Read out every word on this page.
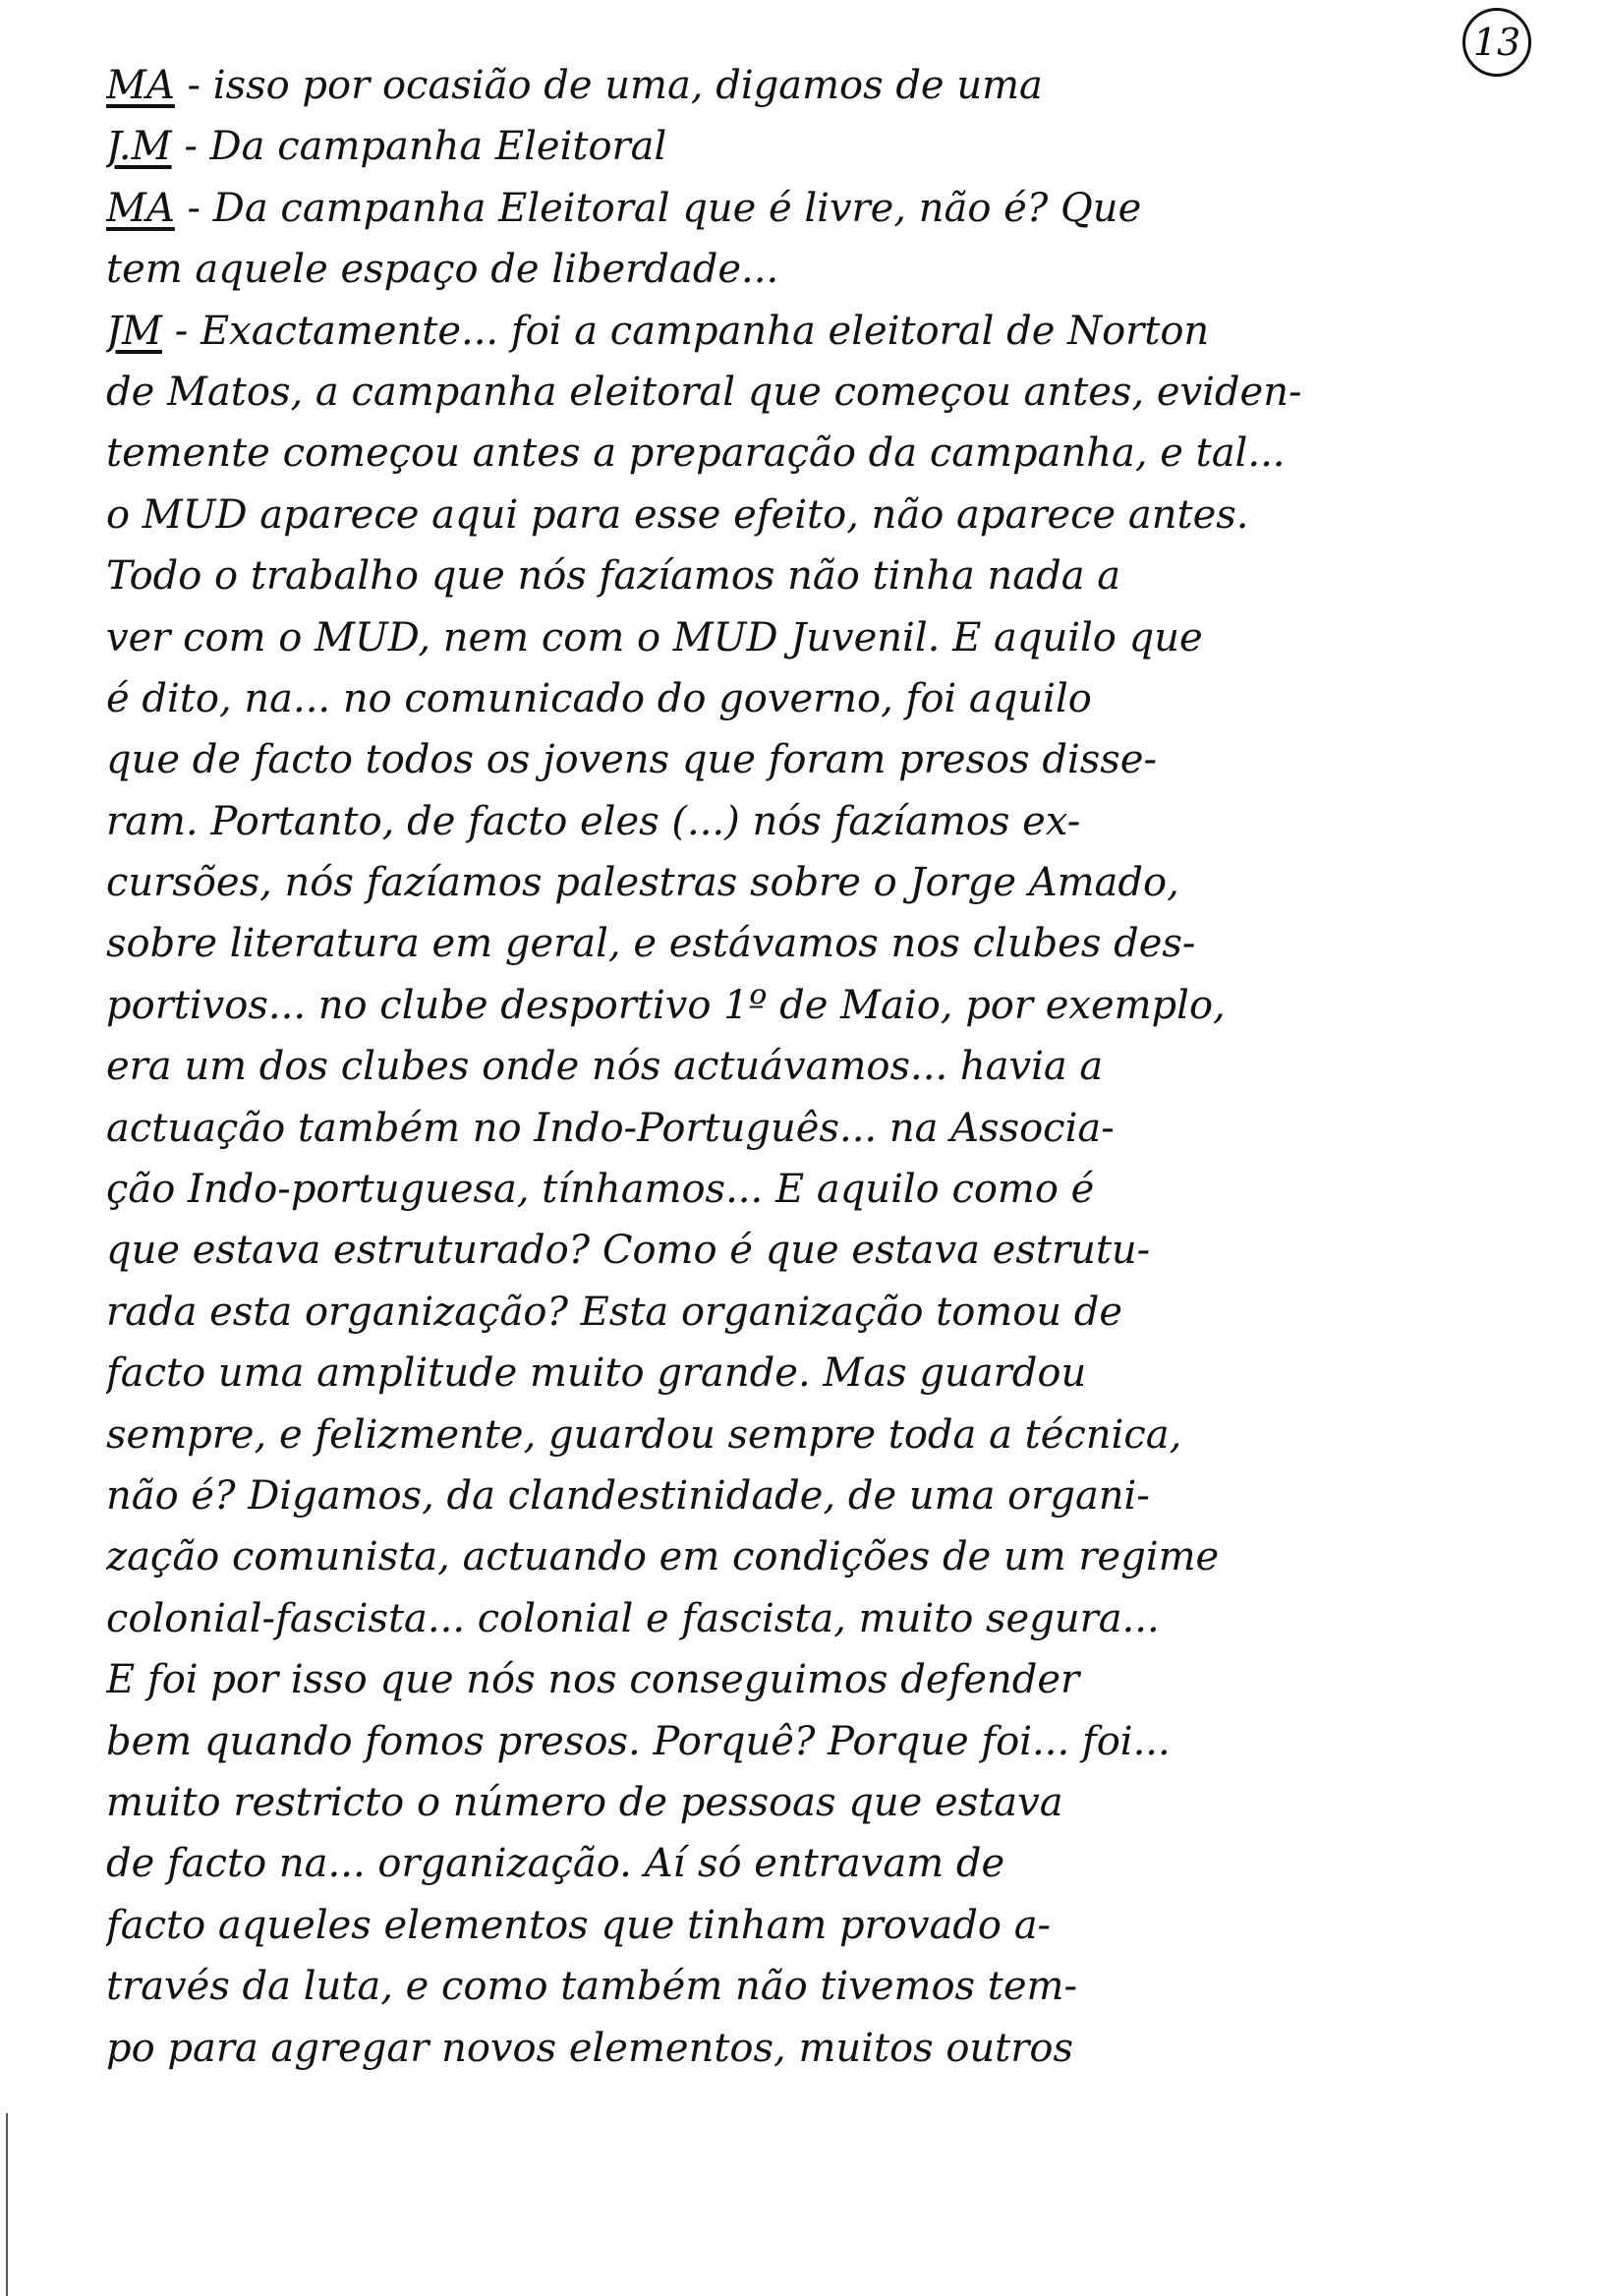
13
MA - isso por ocasião de uma, digamos de uma
J.M - Da campanha Eleitoral
MA - Da campanha Eleitoral que é livre, não é? Que
tem aquele espaço de liberdade...
JM - Exactamente... foi a campanha eleitoral de Norton
de Matos, a campanha eleitoral que começou antes, eviden-
temente começou antes a preparação da campanha, e tal...
o MUD aparece aqui para esse efeito, não aparece antes.
Todo o trabalho que nós fazíamos não tinha nada a
ver com o MUD, nem com o MUD Juvenil. E aquilo que
é dito, na... no comunicado do governo, foi aquilo
que de facto todos os jovens que foram presos disse-
ram. Portanto, de facto eles (...) nós fazíamos ex-
cursões, nós fazíamos palestras sobre o Jorge Amado,
sobre literatura em geral, e estávamos nos clubes des-
portivos... no clube desportivo 1º de Maio, por exemplo,
era um dos clubes onde nós actuávamos... havia a
actuação também no Indo-Português... na Associa-
ção Indo-portuguesa, tínhamos... E aquilo como é
que estava estruturado? Como é que estava estrutu-
rada esta organização? Esta organização tomou de
facto uma amplitude muito grande. Mas guardou
sempre, e felizmente, guardou sempre toda a técnica,
não é? Digamos, da clandestinidade, de uma organi-
zação comunista, actuando em condições de um regime
colonial-fascista... colonial e fascista, muito segura...
E foi por isso que nós nos conseguimos defender
bem quando fomos presos. Porquê? Porque foi... foi...
muito restricto o número de pessoas que estava
de facto na... organização. Aí só entravam de
facto aqueles elementos que tinham provado a-
través da luta, e como também não tivemos tem-
po para agregar novos elementos, muitos outros
